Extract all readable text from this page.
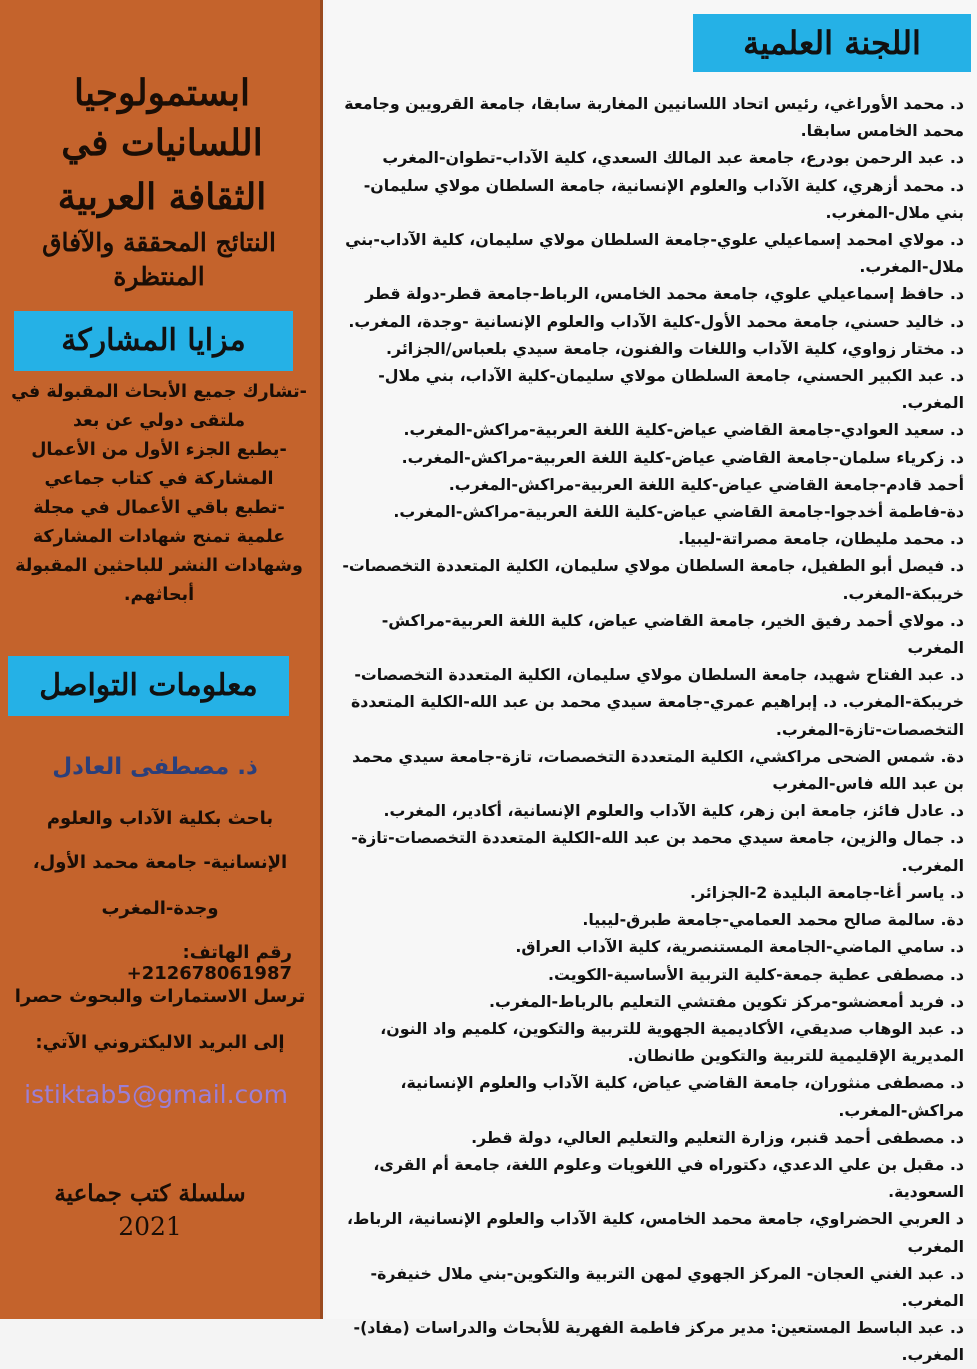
ابستمولوجيا
اللسانيات في
الثقافة العربية
النتائج المحققة والآفاق المنتظرة
مزايا المشاركة
-تشارك جميع الأبحاث المقبولة في ملتقى دولي عن بعد
-يطبع الجزء الأول من الأعمال المشاركة في كتاب جماعي
-تطبع باقي الأعمال في مجلة علمية تمنح شهادات المشاركة وشهادات النشر للباحثين المقبولة أبحاثهم.
معلومات التواصل
ذ. مصطفى العادل
باحث بكلية الآداب والعلوم
الإنسانية- جامعة محمد الأول،
وجدة-المغرب
رقم الهاتف: 212678061987+
ترسل الاستمارات والبحوث حصرا
إلى البريد الاليكتروني الآتي:
istiktab5@gmail.com
سلسلة كتب جماعية
2021
اللجنة العلمية
د. محمد الأوراغي، رئيس اتحاد اللسانيين المغاربة سابقا، جامعة القرويين وجامعة محمد الخامس سابقا.
د. عبد الرحمن بودرع، جامعة عبد المالك السعدي، كلية الآداب-تطوان-المغرب
د. محمد أزهري، كلية الآداب والعلوم الإنسانية، جامعة السلطان مولاي سليمان-بني ملال-المغرب.
د. مولاي امحمد إسماعيلي علوي-جامعة السلطان مولاي سليمان، كلية الآداب-بني ملال-المغرب.
د. حافظ إسماعيلي علوي، جامعة محمد الخامس، الرباط-جامعة قطر-دولة قطر
د. خاليد حسني، جامعة محمد الأول-كلية الآداب والعلوم الإنسانية -وجدة، المغرب.
د. مختار زواوي، كلية الآداب واللغات والفنون، جامعة سيدي بلعباس/الجزائر.
د. عبد الكبير الحسني، جامعة السلطان مولاي سليمان-كلية الآداب، بني ملال-المغرب.
د. سعيد العوادي-جامعة القاضي عياض-كلية اللغة العربية-مراكش-المغرب.
د. زكرياء سلمان-جامعة القاضي عياض-كلية اللغة العربية-مراكش-المغرب.
أحمد قادم-جامعة القاضي عياض-كلية اللغة العربية-مراكش-المغرب.
دة-فاطمة أخدجوا-جامعة القاضي عياض-كلية اللغة العربية-مراكش-المغرب.
د. محمد مليطان، جامعة مصراتة-ليبيا.
د. فيصل أبو الطفيل، جامعة السلطان مولاي سليمان، الكلية المتعددة التخصصات-خريبكة-المغرب.
د. مولاي أحمد رفيق الخير، جامعة القاضي عياض، كلية اللغة العربية-مراكش-المغرب
د. عبد الفتاح شهيد، جامعة السلطان مولاي سليمان، الكلية المتعددة التخصصات-خريبكة-المغرب. د. إبراهيم عمري-جامعة سيدي محمد بن عبد الله-الكلية المتعددة التخصصات-تازة-المغرب.
دة. شمس الضحى مراكشي، الكلية المتعددة التخصصات، تازة-جامعة سيدي محمد بن عبد الله فاس-المغرب
د. عادل فائز، جامعة ابن زهر، كلية الآداب والعلوم الإنسانية، أكادير، المغرب.
د. جمال والزين، جامعة سيدي محمد بن عبد الله-الكلية المتعددة التخصصات-تازة-المغرب.
د. ياسر أغا-جامعة البليدة 2-الجزائر.
دة. سالمة صالح محمد العمامي-جامعة طبرق-ليبيا.
د. سامي الماضي-الجامعة المستنصرية، كلية الآداب العراق.
د. مصطفى عطية جمعة-كلية التربية الأساسية-الكويت.
د. فريد أمعضشو-مركز تكوين مفتشي التعليم بالرباط-المغرب.
د. عبد الوهاب صديقي، الأكاديمية الجهوية للتربية والتكوين، كلميم واد النون، المديرية الإقليمية للتربية والتكوين طانطان.
د. مصطفى منثوران، جامعة القاضي عياض، كلية الآداب والعلوم الإنسانية، مراكش-المغرب.
د. مصطفى أحمد قنبر، وزارة التعليم والتعليم العالي، دولة قطر.
د. مقبل بن علي الدعدي، دكتوراه في اللغويات وعلوم اللغة، جامعة أم القرى، السعودية.
د العربي الحضراوي، جامعة محمد الخامس، كلية الآداب والعلوم الإنسانية، الرباط، المغرب
د. عبد الغني العجان- المركز الجهوي لمهن التربية والتكوين-بني ملال خنيفرة-المغرب.
د. عبد الباسط المستعين: مدير مركز فاطمة الفهرية للأبحاث والدراسات (مفاد)-المغرب.
